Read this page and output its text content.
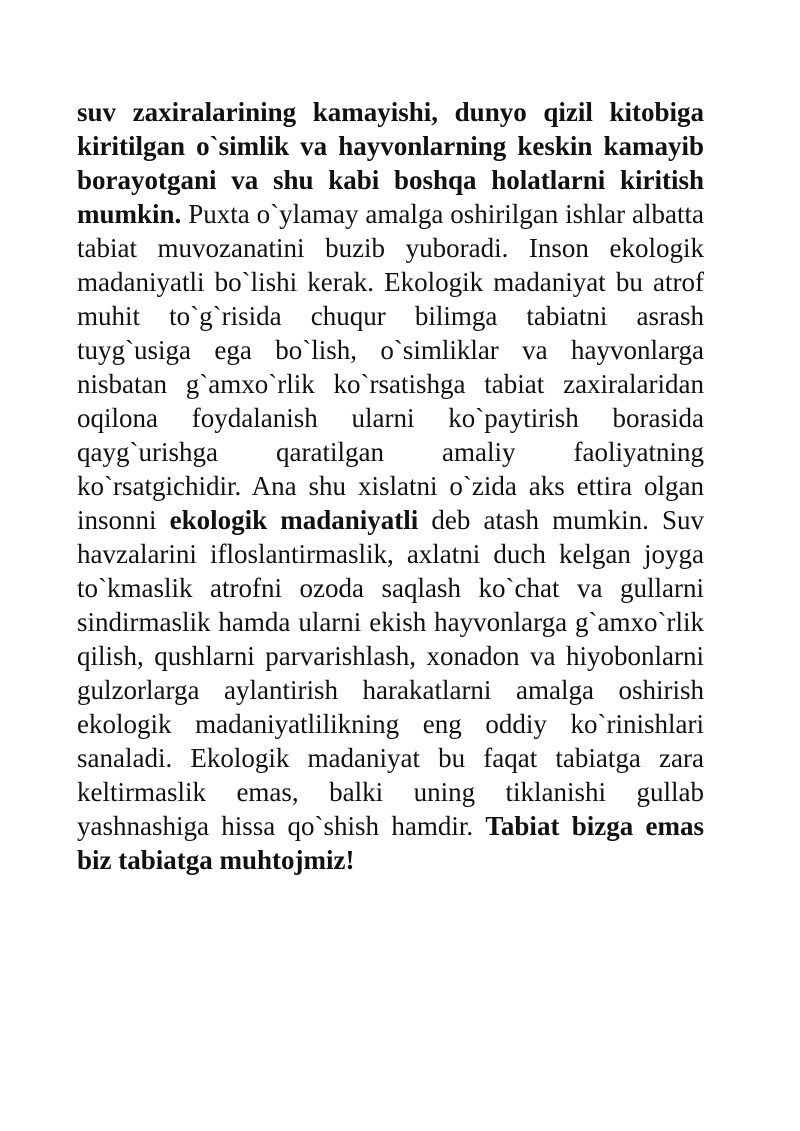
suv zaxiralarining kamayishi, dunyo qizil kitobiga kiritilgan o`simlik va hayvonlarning keskin kamayib borayotgani va shu kabi boshqa holatlarni kiritish mumkin. Puxta o`ylamay amalga oshirilgan ishlar albatta tabiat muvozanatini buzib yuboradi. Inson ekologik madaniyatli bo`lishi kerak. Ekologik madaniyat bu atrof muhit to`g`risida chuqur bilimga tabiatni asrash tuyg`usiga ega bo`lish, o`simliklar va hayvonlarga nisbatan g`amxo`rlik ko`rsatishga tabiat zaxiralaridan oqilona foydalanish ularni ko`paytirish borasida qayg`urishga qaratilgan amaliy faoliyatning ko`rsatgichidir. Ana shu xislatni o`zida aks ettira olgan insonni ekologik madaniyatli deb atash mumkin. Suv havzalarini ifloslantirmaslik, axlatni duch kelgan joyga to`kmaslik atrofni ozoda saqlash ko`chat va gullarni sindirmaslik hamda ularni ekish hayvonlarga g`amxo`rlik qilish, qushlarni parvarishlash, xonadon va hiyobonlarni gulzorlarga aylantirish harakatlarni amalga oshirish ekologik madaniyatlilikning eng oddiy ko`rinishlari sanaladi. Ekologik madaniyat bu faqat tabiatga zara keltirmaslik emas, balki uning tiklanishi gullab yashnashiga hissa qo`shish hamdir. Tabiat bizga emas biz tabiatga muhtojmiz!
